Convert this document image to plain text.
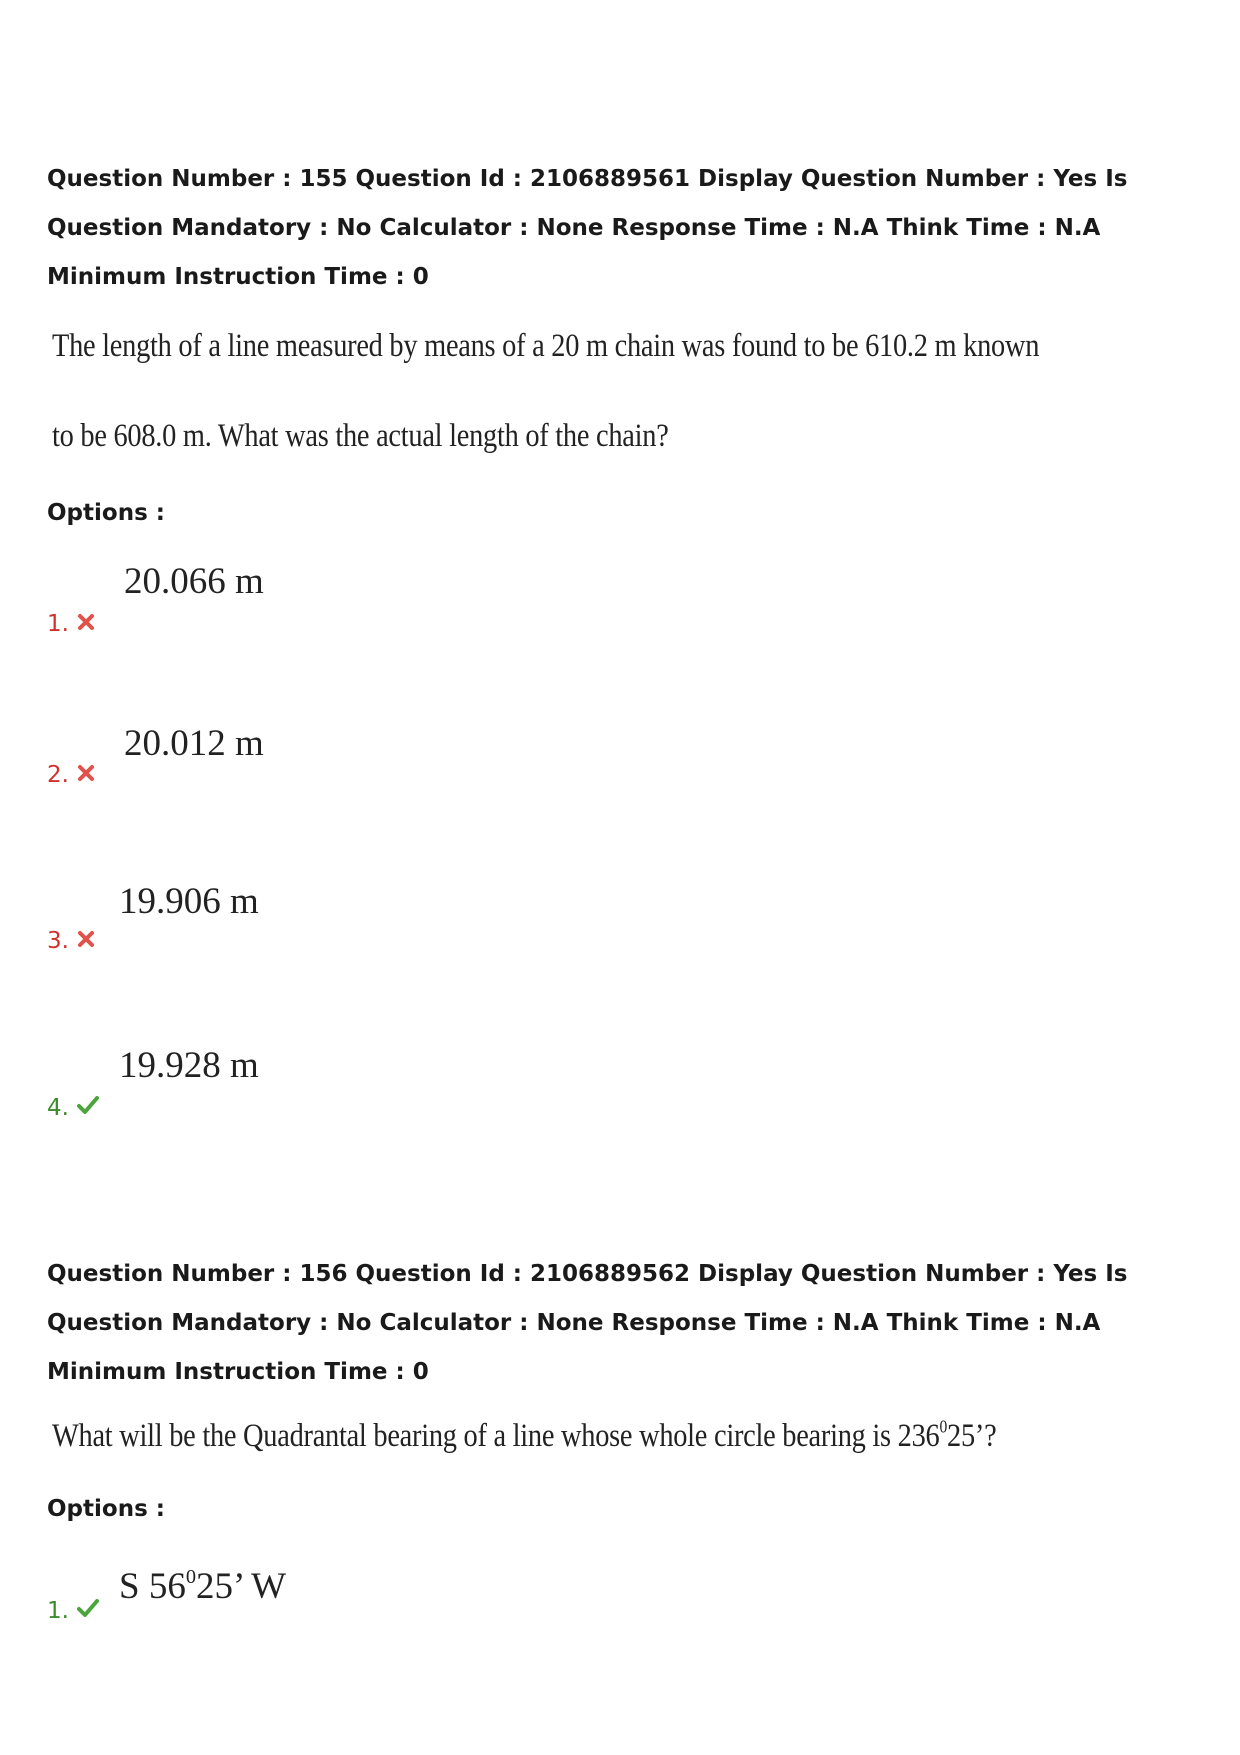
Question Number : 155 Question Id : 2106889561 Display Question Number : Yes Is Question Mandatory : No Calculator : None Response Time : N.A Think Time : N.A Minimum Instruction Time : 0
The length of a line measured by means of a 20 m chain was found to be 610.2 m known
to be 608.0 m. What was the actual length of the chain?
Options :
20.066 m
1.
20.012 m
2.
19.906 m
3.
19.928 m
4.
Question Number : 156 Question Id : 2106889562 Display Question Number : Yes Is Question Mandatory : No Calculator : None Response Time : N.A Think Time : N.A Minimum Instruction Time : 0
What will be the Quadrantal bearing of a line whose whole circle bearing is $236^025$’?
Options :
S $56^025$’ W
1.
